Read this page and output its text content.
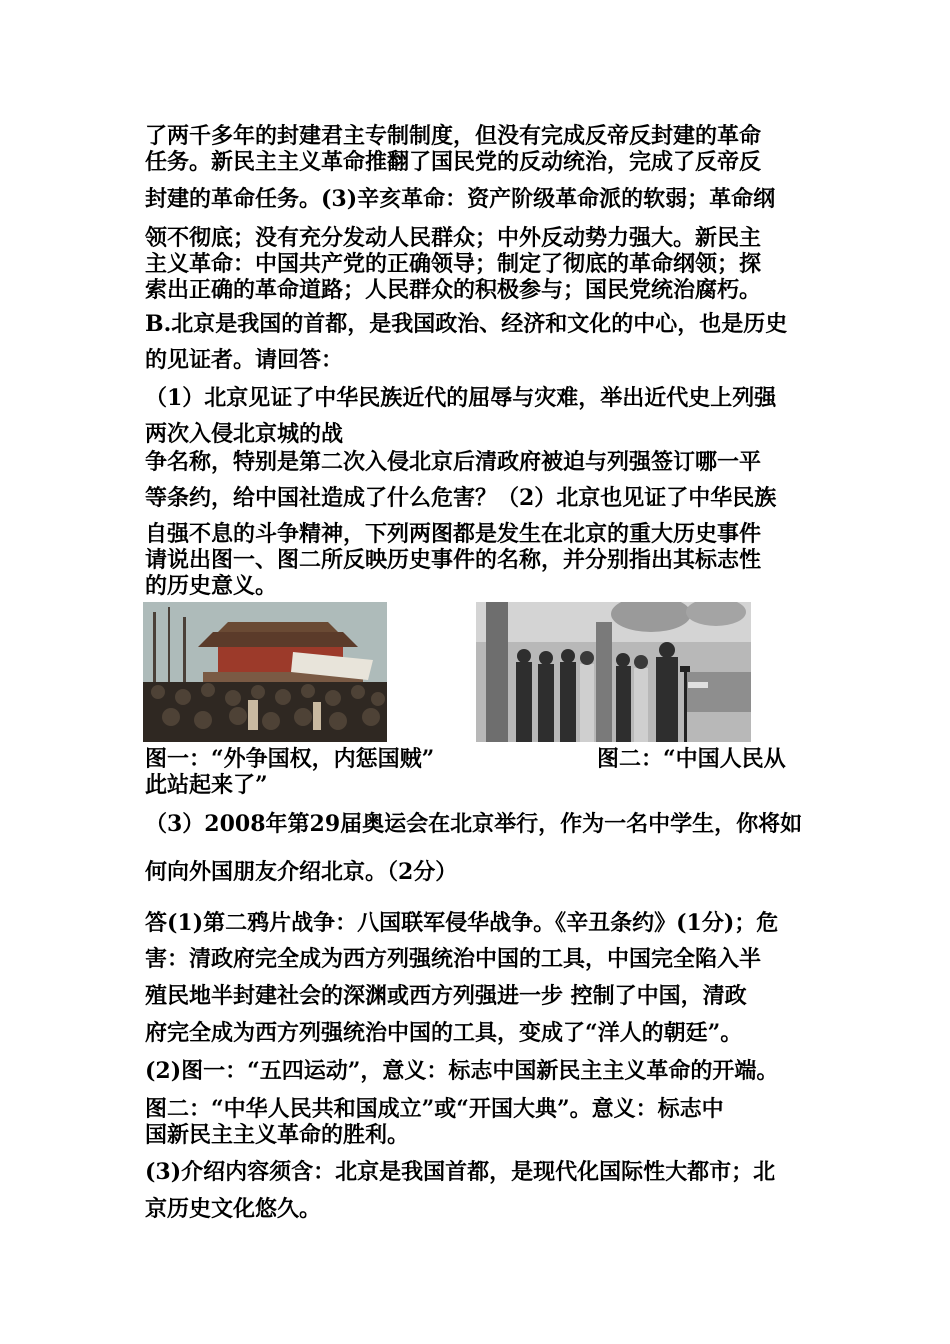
了两千多年的封建君主专制制度，但没有完成反帝反封建的革命
任务。新民主主义革命推翻了国民党的反动统治，完成了反帝反
封建的革命任务。(3)辛亥革命：资产阶级革命派的软弱；革命纲
领不彻底；没有充分发动人民群众；中外反动势力强大。新民主
主义革命：中国共产党的正确领导；制定了彻底的革命纲领；探
索出正确的革命道路；人民群众的积极参与；国民党统治腐朽。
B.北京是我国的首都，是我国政治、经济和文化的中心，也是历史
的见证者。请回答：
（1）北京见证了中华民族近代的屈辱与灾难，举出近代史上列强
两次入侵北京城的战
争名称，特别是第二次入侵北京后清政府被迫与列强签订哪一平
等条约，给中国社造成了什么危害？（2）北京也见证了中华民族
自强不息的斗争精神，下列两图都是发生在北京的重大历史事件
请说出图一、图二所反映历史事件的名称，并分别指出其标志性
的历史意义。
图一：“外争国权，内惩国贼”	图二：“中国人民从
此站起来了”
（3）2008年第29届奥运会在北京举行，作为一名中学生，你将如
何向外国朋友介绍北京。（2分）
答(1)第二鸦片战争：八国联军侵华战争。《辛丑条约》(1分)；危
害：清政府完全成为西方列强统治中国的工具，中国完全陷入半
殖民地半封建社会的深渊或西方列强进一步 控制了中国，清政
府完全成为西方列强统治中国的工具，变成了“洋人的朝廷”。
(2)图一：“五四运动”，意义：标志中国新民主主义革命的开端。
图二：“中华人民共和国成立”或“开国大典”。意义：标志中
国新民主主义革命的胜利。
(3)介绍内容须含：北京是我国首都，是现代化国际性大都市；北
京历史文化悠久。
